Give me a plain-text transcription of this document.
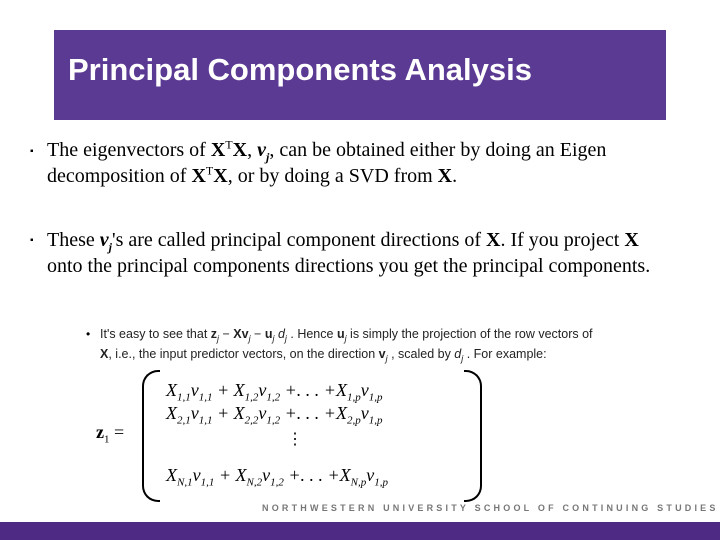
Principal Components Analysis
▪ The eigenvectors of $X^TX$, $v_j$, can be obtained either by doing an Eigen
decomposition of $X^TX$, or by doing a SVD from X.
▪ These $v_j's$ are called principal component directions of X. If you project X
onto the principal components directions you get the principal components.
• It's easy to see that $z_j - Xv_j - u_j$ $d_j$ . Hence $u_j$ is simply the projection of the row vectors of
X, i.e., the input predictor vectors, on the direction $v_j$ , scaled by $d_j$ . For example:
$z_1$ =
$X_{1,1}v_{1,1} + X_{1,2}v_{1,2}$ +. . . $+X_{1,p}v_{1,p}$
$X_{2,1}v_{1,1} + X_{2,2}v_{1,2}$ +. . . $+X_{2,p}v_{1,p}$
⋮
$X_{N,1}v_{1,1} + X_{N,2}v_{1,2}$ +. . . $+X_{N,p}v_{1,p}$
NORTHWESTERN UNIVERSITY SCHOOL OF CONTINUING STUDIES
